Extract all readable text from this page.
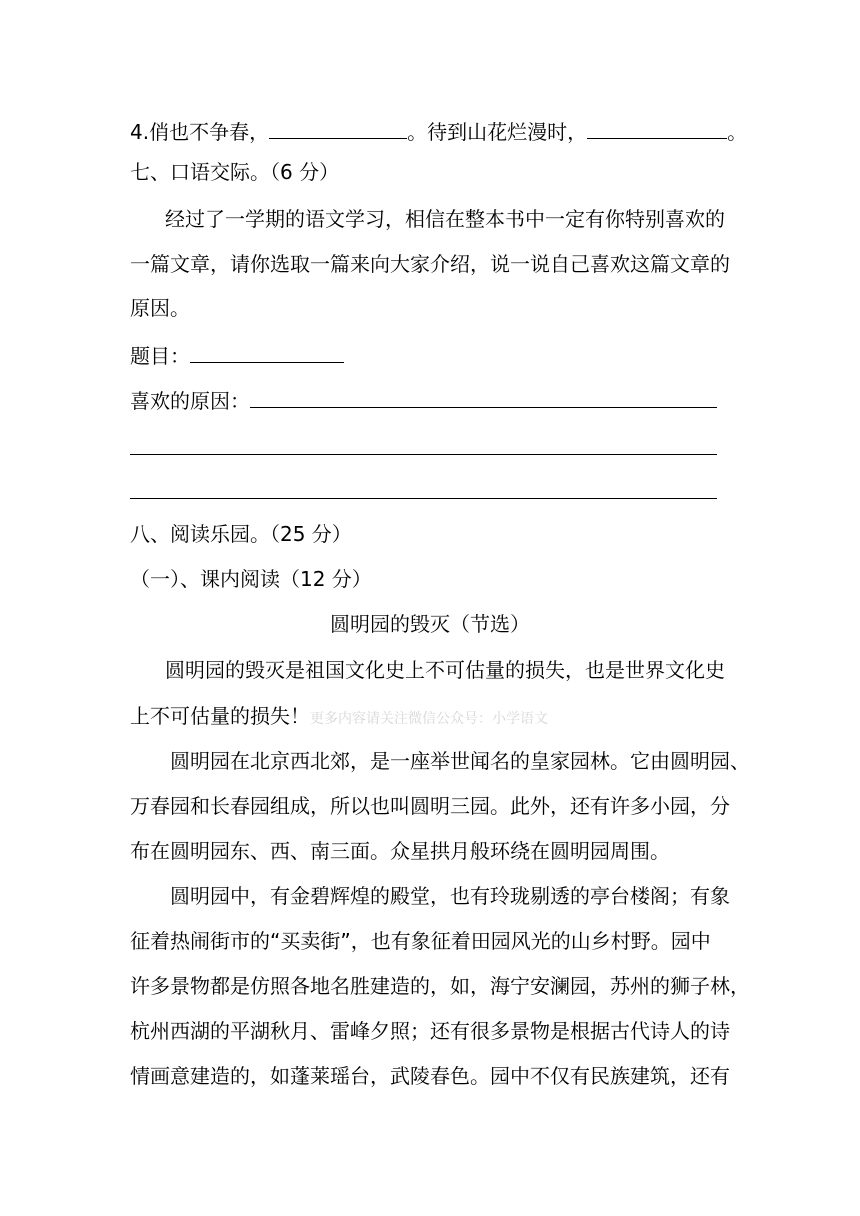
4.俏也不争春，	。待到山花烂漫时，	。
七、口语交际。（6 分）
经过了一学期的语文学习，相信在整本书中一定有你特别喜欢的
一篇文章，请你选取一篇来向大家介绍，说一说自己喜欢这篇文章的
原因。
题目：
喜欢的原因：
八、阅读乐园。（25 分）
（一）、课内阅读（12 分）
圆明园的毁灭（节选）
圆明园的毁灭是祖国文化史上不可估量的损失，也是世界文化史
上不可估量的损失！更多内容请关注微信公众号：小学语文
圆明园在北京西北郊，是一座举世闻名的皇家园林。它由圆明园、
万春园和长春园组成，所以也叫圆明三园。此外，还有许多小园，分
布在圆明园东、西、南三面。众星拱月般环绕在圆明园周围。
圆明园中，有金碧辉煌的殿堂，也有玲珑剔透的亭台楼阁；有象
征着热闹街市的“买卖街”，也有象征着田园风光的山乡村野。园中
许多景物都是仿照各地名胜建造的，如，海宁安澜园，苏州的狮子林，
杭州西湖的平湖秋月、雷峰夕照；还有很多景物是根据古代诗人的诗
情画意建造的，如蓬莱瑶台，武陵春色。园中不仅有民族建筑，还有
